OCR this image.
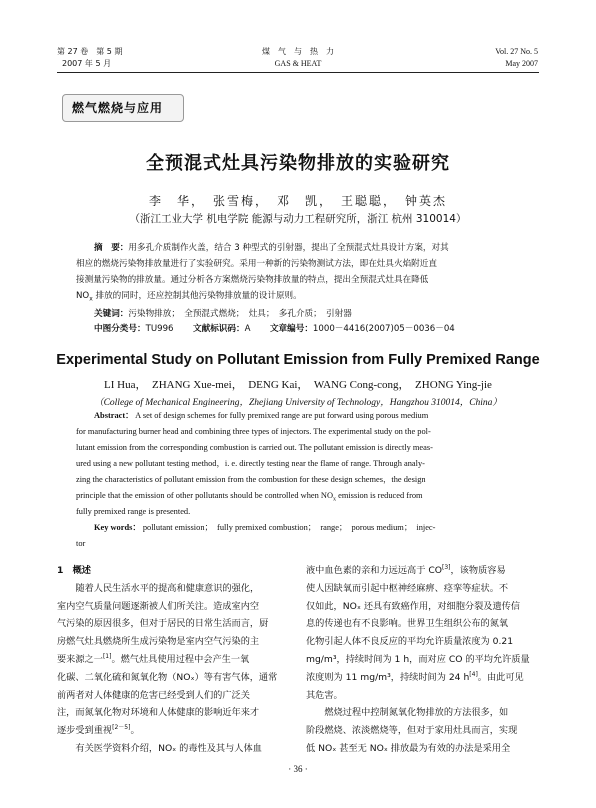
第 27 卷　第 5 期
2007 年 5 月
煤　气　与　热　力
GAS & HEAT
Vol. 27 No. 5
May 2007
燃气燃烧与应用
全预混式灶具污染物排放的实验研究
李　华，　张雪梅，　邓　凯，　王聪聪，　钟英杰
（浙江工业大学 机电学院 能源与动力工程研究所，浙江 杭州 310014）
摘　要：用多孔介质制作火盖，结合 3 种型式的引射器，提出了全预混式灶具设计方案，对其
相应的燃烧污染物排放量进行了实验研究。采用一种新的污染物测试方法，即在灶具火焰附近直
接测量污染物的排放量。通过分析各方案燃烧污染物排放量的特点，提出全预混式灶具在降低
$NO_x$ 排放的同时，还应控制其他污染物排放量的设计原则。
关键词：污染物排放；　全预混式燃烧；　灶具；　多孔介质；　引射器
中图分类号：TU996 文献标识码：A 文章编号：1000－4416(2007)05－0036－04
Experimental Study on Pollutant Emission from Fully Premixed Range
LI Hua，　ZHANG Xue-mei，　DENG Kai，　WANG Cong-cong，　ZHONG Ying-jie
（College of Mechanical Engineering，Zhejiang University of Technology，Hangzhou 310014，China）
Abstract： A set of design schemes for fully premixed range are put forward using porous medium
for manufacturing burner head and combining three types of injectors. The experimental study on the pol-
lutant emission from the corresponding combustion is carried out. The pollutant emission is directly meas-
ured using a new pollutant testing method，i. e. directly testing near the flame of range. Through analy-
zing the characteristics of pollutant emission from the combustion for these design schemes，the design
principle that the emission of other pollutants should be controlled when $NO_x$ emission is reduced from
fully premixed range is presented.
Key words： pollutant emission；　fully premixed combustion；　range；　porous medium；　injec-
tor

1　概述

随着人民生活水平的提高和健康意识的强化，

室内空气质量问题逐渐被人们所关注。造成室内空

气污染的原因很多，但对于居民的日常生活而言，厨

房燃气灶具燃烧所生成污染物是室内空气污染的主

要来源之一[1]。燃气灶具使用过程中会产生一氧

化碳、二氧化硫和氮氧化物（NOₓ）等有害气体，通常

前两者对人体健康的危害已经受到人们的广泛关

注，而氮氧化物对环境和人体健康的影响近年来才

逐步受到重视[2－5]。

有关医学资料介绍，NOₓ 的毒性及其与人体血

液中血色素的亲和力远远高于 CO[3]，该物质容易

使人因缺氧而引起中枢神经麻痹、痉挛等症状。不

仅如此，NOₓ 还具有致癌作用，对细胞分裂及遗传信

息的传递也有不良影响。世界卫生组织公布的氮氧

化物引起人体不良反应的平均允许质量浓度为 0.21

mg/m³，持续时间为 1 h，而对应 CO 的平均允许质量

浓度则为 11 mg/m³，持续时间为 24 h[4]。由此可见

其危害。

燃烧过程中控制氮氧化物排放的方法很多，如

阶段燃烧、浓淡燃烧等，但对于家用灶具而言，实现

低 NOₓ 甚至无 NOₓ 排放最为有效的办法是采用全

· 36 ·
